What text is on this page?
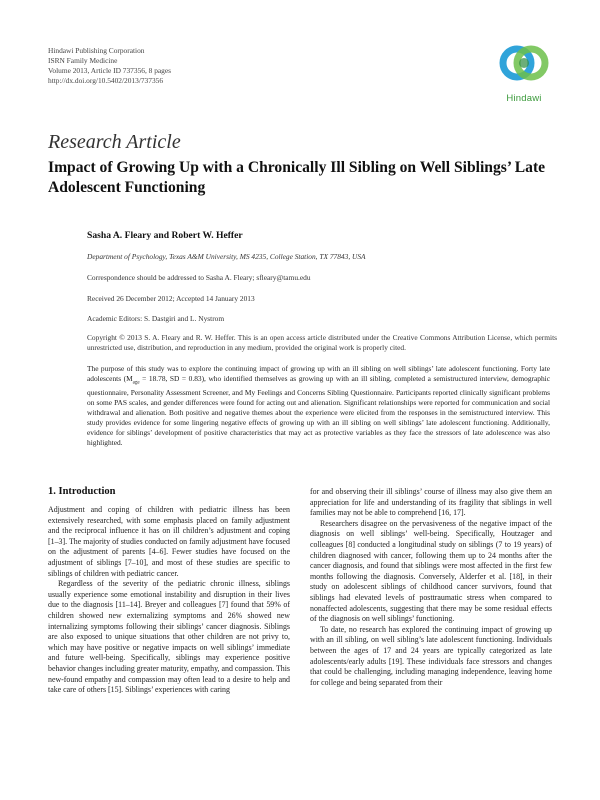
Hindawi Publishing Corporation
ISRN Family Medicine
Volume 2013, Article ID 737356, 8 pages
http://dx.doi.org/10.5402/2013/737356
Hindawi
Research Article
Impact of Growing Up with a Chronically Ill Sibling on Well Siblings’ Late Adolescent Functioning
Sasha A. Fleary and Robert W. Heffer
Department of Psychology, Texas A&M University, MS 4235, College Station, TX 77843, USA
Correspondence should be addressed to Sasha A. Fleary; sfleary@tamu.edu
Received 26 December 2012; Accepted 14 January 2013
Academic Editors: S. Dastgiri and L. Nystrom
Copyright © 2013 S. A. Fleary and R. W. Heffer. This is an open access article distributed under the Creative Commons Attribution License, which permits unrestricted use, distribution, and reproduction in any medium, provided the original work is properly cited.
The purpose of this study was to explore the continuing impact of growing up with an ill sibling on well siblings’ late adolescent functioning. Forty late adolescents ($M_{age} = 18.78$, SD = 0.83), who identified themselves as growing up with an ill sibling, completed a semistructured interview, demographic questionnaire, Personality Assessment Screener, and My Feelings and Concerns Sibling Questionnaire. Participants reported clinically significant problems on some PAS scales, and gender differences were found for acting out and alienation. Significant relationships were reported for communication and social withdrawal and alienation. Both positive and negative themes about the experience were elicited from the responses in the semistructured interview. This study provides evidence for some lingering negative effects of growing up with an ill sibling on well siblings’ late adolescent functioning. Additionally, evidence for siblings’ development of positive characteristics that may act as protective variables as they face the stressors of late adolescence was also highlighted.
1. Introduction

Adjustment and coping of children with pediatric illness has been extensively researched, with some emphasis placed on family adjustment and the reciprocal influence it has on ill children’s adjustment and coping [1–3]. The majority of studies conducted on family adjustment have focused on the adjustment of parents [4–6]. Fewer studies have focused on the adjustment of siblings [7–10], and most of these studies are specific to siblings of children with pediatric cancer.

Regardless of the severity of the pediatric chronic illness, siblings usually experience some emotional instability and disruption in their lives due to the diagnosis [11–14]. Breyer and colleagues [7] found that 59% of children showed new externalizing symptoms and 26% showed new internalizing symptoms following their siblings’ cancer diagnosis. Siblings are also exposed to unique situations that other children are not privy to, which may have positive or negative impacts on well siblings’ immediate and future well-being. Specifically, siblings may experience positive behavior changes including greater maturity, empathy, and compassion. This new-found empathy and compassion may often lead to a desire to help and take care of others [15]. Siblings’ experiences with caring

for and observing their ill siblings’ course of illness may also give them an appreciation for life and understanding of its fragility that siblings in well families may not be able to comprehend [16, 17].

Researchers disagree on the pervasiveness of the negative impact of the diagnosis on well siblings’ well-being. Specifically, Houtzager and colleagues [8] conducted a longitudinal study on siblings (7 to 19 years) of children diagnosed with cancer, following them up to 24 months after the cancer diagnosis, and found that siblings were most affected in the first few months following the diagnosis. Conversely, Alderfer et al. [18], in their study on adolescent siblings of childhood cancer survivors, found that siblings had elevated levels of posttraumatic stress when compared to nonaffected adolescents, suggesting that there may be some residual effects of the diagnosis on well siblings’ functioning.

To date, no research has explored the continuing impact of growing up with an ill sibling, on well sibling’s late adolescent functioning. Individuals between the ages of 17 and 24 years are typically categorized as late adolescents/early adults [19]. These individuals face stressors and changes that could be challenging, including managing independence, leaving home for college and being separated from their
